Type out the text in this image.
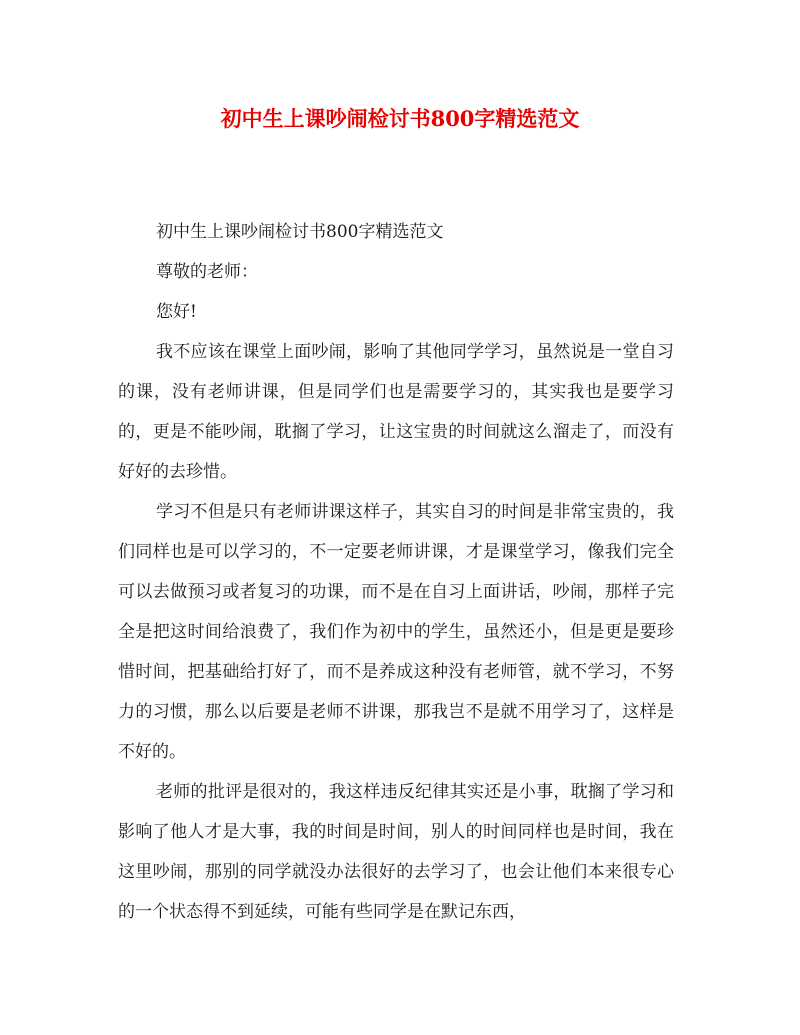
初中生上课吵闹检讨书800字精选范文

初中生上课吵闹检讨书800字精选范文

尊敬的老师：

您好!

我不应该在课堂上面吵闹，影响了其他同学学习，虽然说是一堂自习的课，没有老师讲课，但是同学们也是需要学习的，其实我也是要学习的，更是不能吵闹，耽搁了学习，让这宝贵的时间就这么溜走了，而没有好好的去珍惜。

学习不但是只有老师讲课这样子，其实自习的时间是非常宝贵的，我们同样也是可以学习的，不一定要老师讲课，才是课堂学习，像我们完全可以去做预习或者复习的功课，而不是在自习上面讲话，吵闹，那样子完全是把这时间给浪费了，我们作为初中的学生，虽然还小，但是更是要珍惜时间，把基础给打好了，而不是养成这种没有老师管，就不学习，不努力的习惯，那么以后要是老师不讲课，那我岂不是就不用学习了，这样是不好的。

老师的批评是很对的，我这样违反纪律其实还是小事，耽搁了学习和影响了他人才是大事，我的时间是时间，别人的时间同样也是时间，我在这里吵闹，那别的同学就没办法很好的去学习了，也会让他们本来很专心的一个状态得不到延续，可能有些同学是在默记东西，
